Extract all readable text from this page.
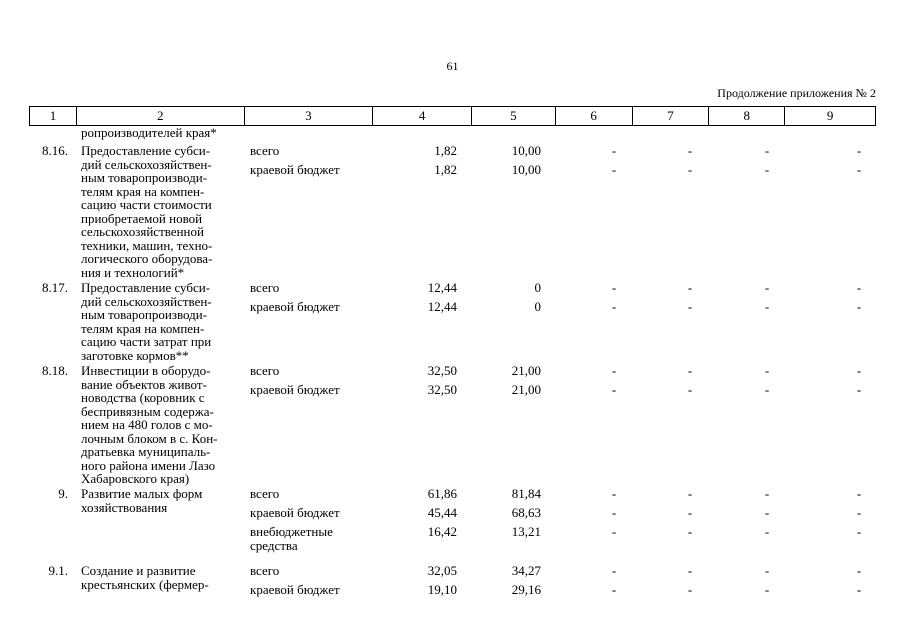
61
Продолжение приложения № 2
1	2	3	4	5	6	7	8	9
ропроизводителей края*
8.16. Предоставление субси-
дий сельскохозяйствен-
ным товаропроизводи-
телям края на компен-
сацию части стоимости
приобретаемой новой
сельскохозяйственной
техники, машин, техно-
логического оборудова-
ния и технологий*
всего	1,82	10,00	-	-	-	-
краевой бюджет	1,82	10,00	-	-	-	-
8.17. Предоставление субси-
дий сельскохозяйствен-
ным товаропроизводи-
телям края на компен-
сацию части затрат при
заготовке кормов**
всего	12,44	0	-	-	-	-
краевой бюджет	12,44	0	-	-	-	-
8.18. Инвестиции в оборудо-
вание объектов живот-
новодства (коровник с
беспривязным содержа-
нием на 480 голов с мо-
лочным блоком в с. Кон-
дратьевка муниципаль-
ного района имени Лазо
Хабаровского края)
всего	32,50	21,00	-	-	-	-
краевой бюджет	32,50	21,00	-	-	-	-
9. Развитие малых форм
хозяйствования
всего	61,86	81,84	-	-	-	-
краевой бюджет	45,44	68,63	-	-	-	-
внебюджетные
средства
16,42	13,21	-	-	-	-
9.1. Создание и развитие
крестьянских (фермер-
всего	32,05	34,27	-	-	-	-
краевой бюджет	19,10	29,16	-	-	-	-
